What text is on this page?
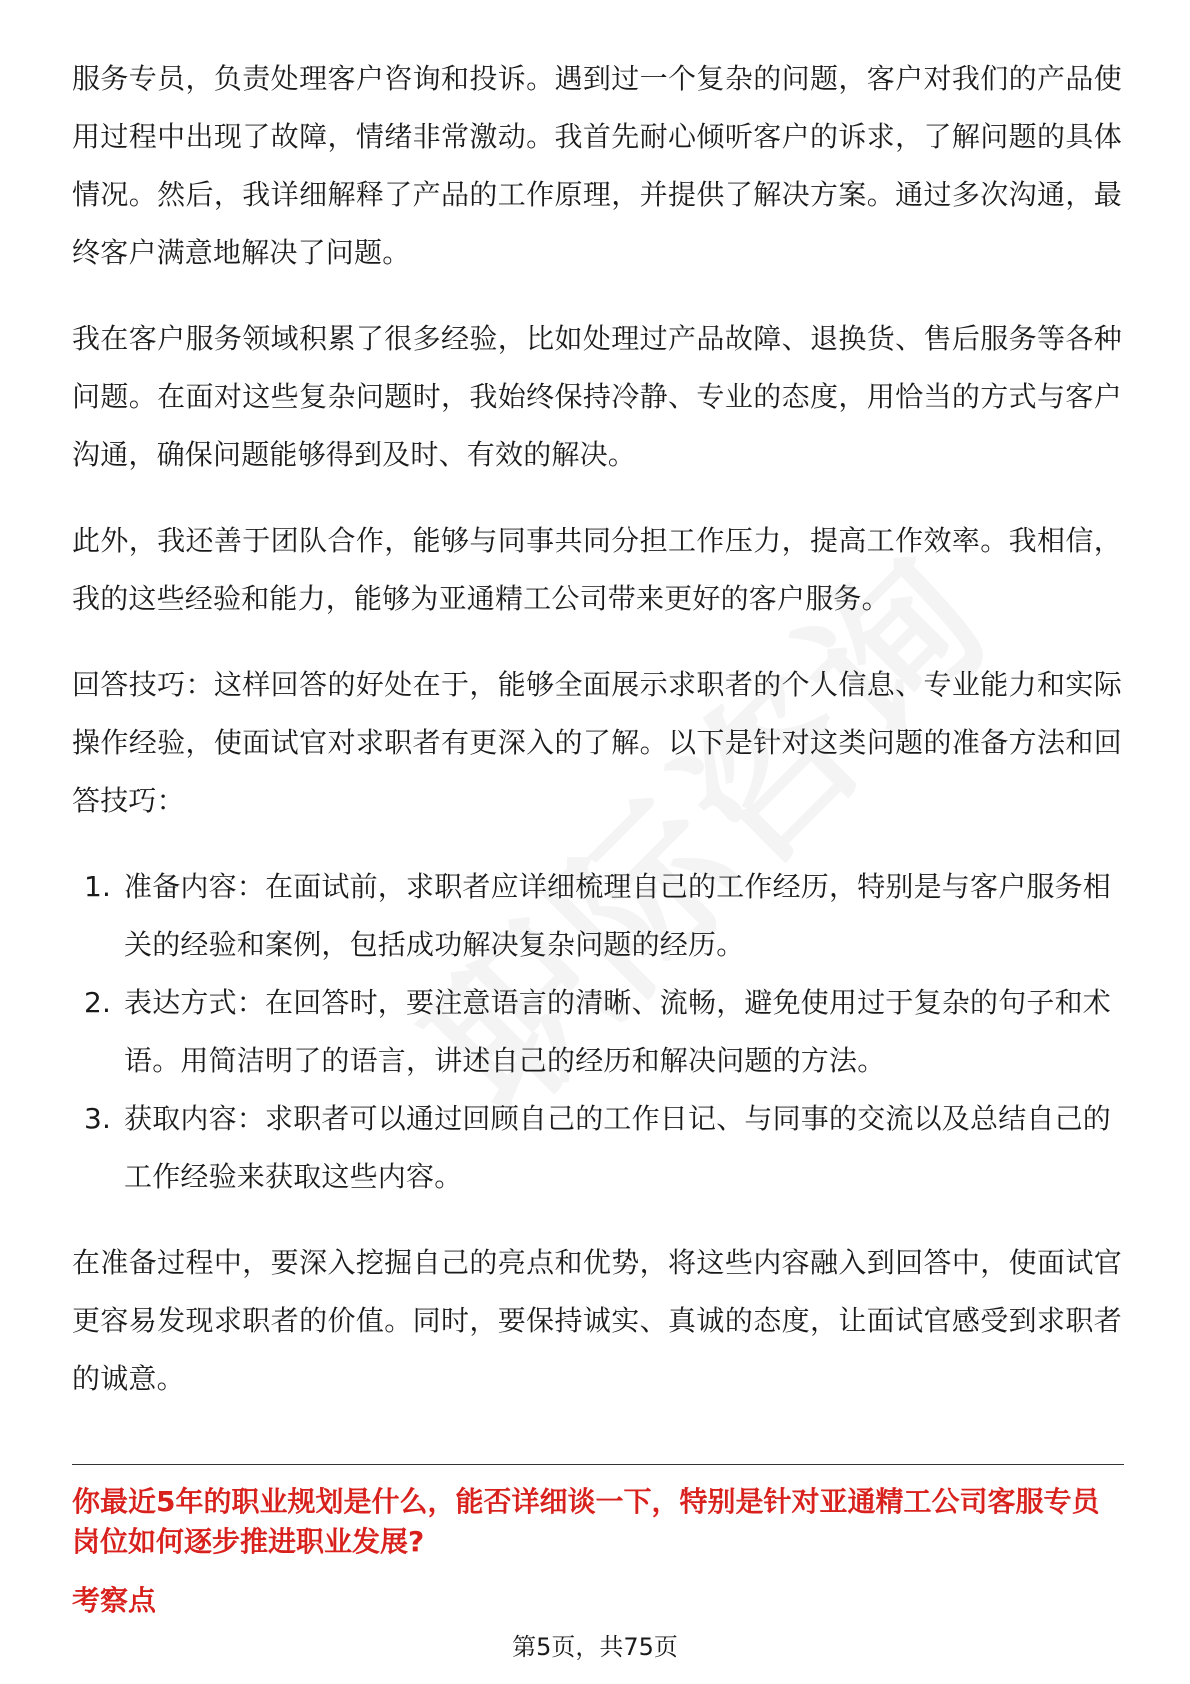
服务专员，负责处理客户咨询和投诉。遇到过一个复杂的问题，客户对我们的产品使用过程中出现了故障，情绪非常激动。我首先耐心倾听客户的诉求，了解问题的具体情况。然后，我详细解释了产品的工作原理，并提供了解决方案。通过多次沟通，最终客户满意地解决了问题。

我在客户服务领域积累了很多经验，比如处理过产品故障、退换货、售后服务等各种问题。在面对这些复杂问题时，我始终保持冷静、专业的态度，用恰当的方式与客户沟通，确保问题能够得到及时、有效的解决。

此外，我还善于团队合作，能够与同事共同分担工作压力，提高工作效率。我相信，我的这些经验和能力，能够为亚通精工公司带来更好的客户服务。

回答技巧：这样回答的好处在于，能够全面展示求职者的个人信息、专业能力和实际操作经验，使面试官对求职者有更深入的了解。以下是针对这类问题的准备方法和回答技巧：

1. 准备内容：在面试前，求职者应详细梳理自己的工作经历，特别是与客户服务相关的经验和案例，包括成功解决复杂问题的经历。
2. 表达方式：在回答时，要注意语言的清晰、流畅，避免使用过于复杂的句子和术语。用简洁明了的语言，讲述自己的经历和解决问题的方法。
3. 获取内容：求职者可以通过回顾自己的工作日记、与同事的交流以及总结自己的工作经验来获取这些内容。

在准备过程中，要深入挖掘自己的亮点和优势，将这些内容融入到回答中，使面试官更容易发现求职者的价值。同时，要保持诚实、真诚的态度，让面试官感受到求职者的诚意。

你最近5年的职业规划是什么，能否详细谈一下，特别是针对亚通精工公司客服专员岗位如何逐步推进职业发展?
考察点
第5页，共75页
